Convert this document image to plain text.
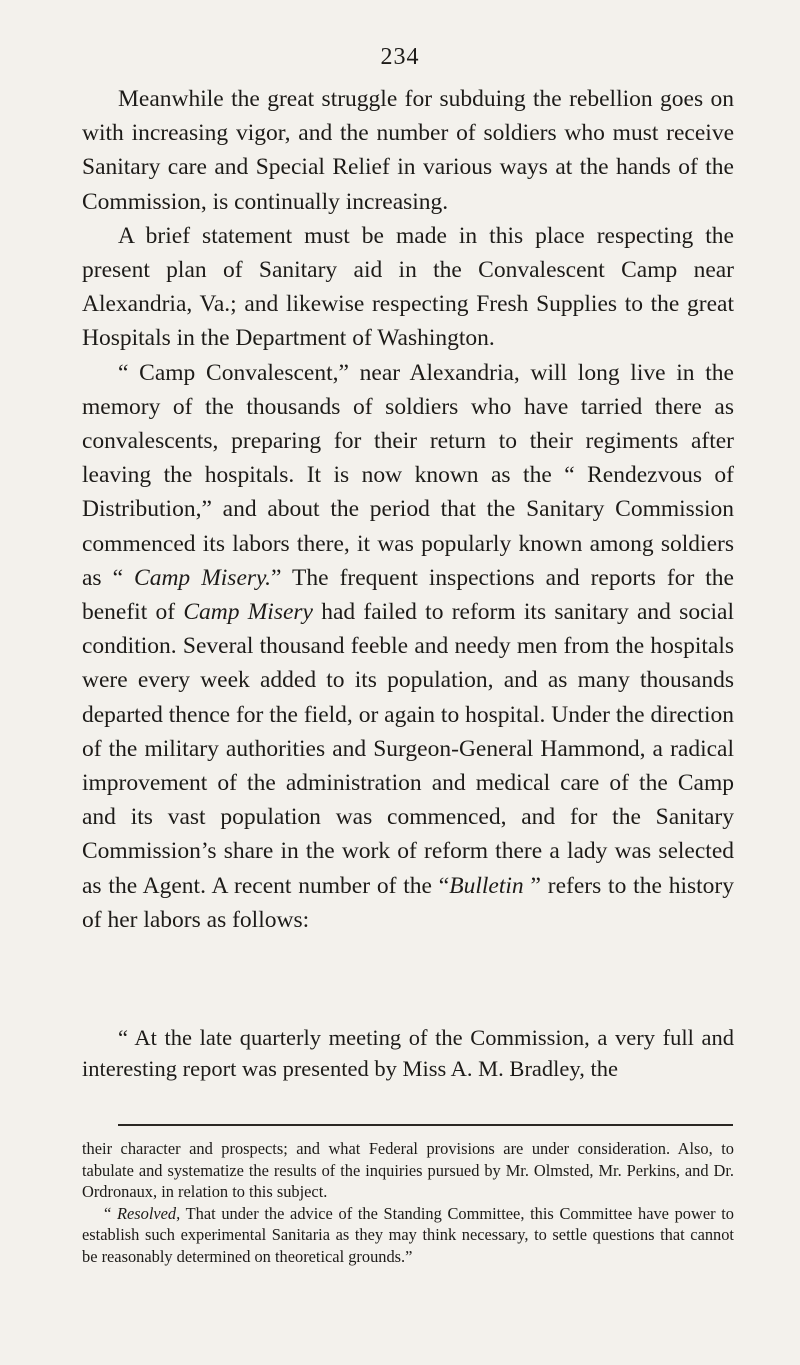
234

Meanwhile the great struggle for subduing the rebellion goes on with increasing vigor, and the number of soldiers who must receive Sanitary care and Special Relief in various ways at the hands of the Commission, is continually increasing.

A brief statement must be made in this place respecting the present plan of Sanitary aid in the Convalescent Camp near Alexandria, Va.; and likewise respecting Fresh Supplies to the great Hospitals in the Department of Washington.

“ Camp Convalescent,” near Alexandria, will long live in the memory of the thousands of soldiers who have tarried there as convalescents, preparing for their return to their regiments after leaving the hospitals. It is now known as the “ Rendezvous of Distribution,” and about the period that the Sanitary Commission commenced its labors there, it was popularly known among soldiers as “ Camp Misery.” The frequent inspections and reports for the benefit of Camp Misery had failed to reform its sanitary and social condition. Several thousand feeble and needy men from the hospitals were every week added to its population, and as many thousands departed thence for the field, or again to hospital. Under the direction of the military authorities and Surgeon-General Hammond, a radical improvement of the administration and medical care of the Camp and its vast population was commenced, and for the Sanitary Commission’s share in the work of reform there a lady was selected as the Agent. A recent number of the “Bulletin ” refers to the history of her labors as follows:

“ At the late quarterly meeting of the Commission, a very full and interesting report was presented by Miss A. M. Bradley, the

their character and prospects; and what Federal provisions are under consideration. Also, to tabulate and systematize the results of the inquiries pursued by Mr. Olmsted, Mr. Perkins, and Dr. Ordronaux, in relation to this subject.

“ Resolved, That under the advice of the Standing Committee, this Committee have power to establish such experimental Sanitaria as they may think necessary, to settle questions that cannot be reasonably determined on theoretical grounds.”
